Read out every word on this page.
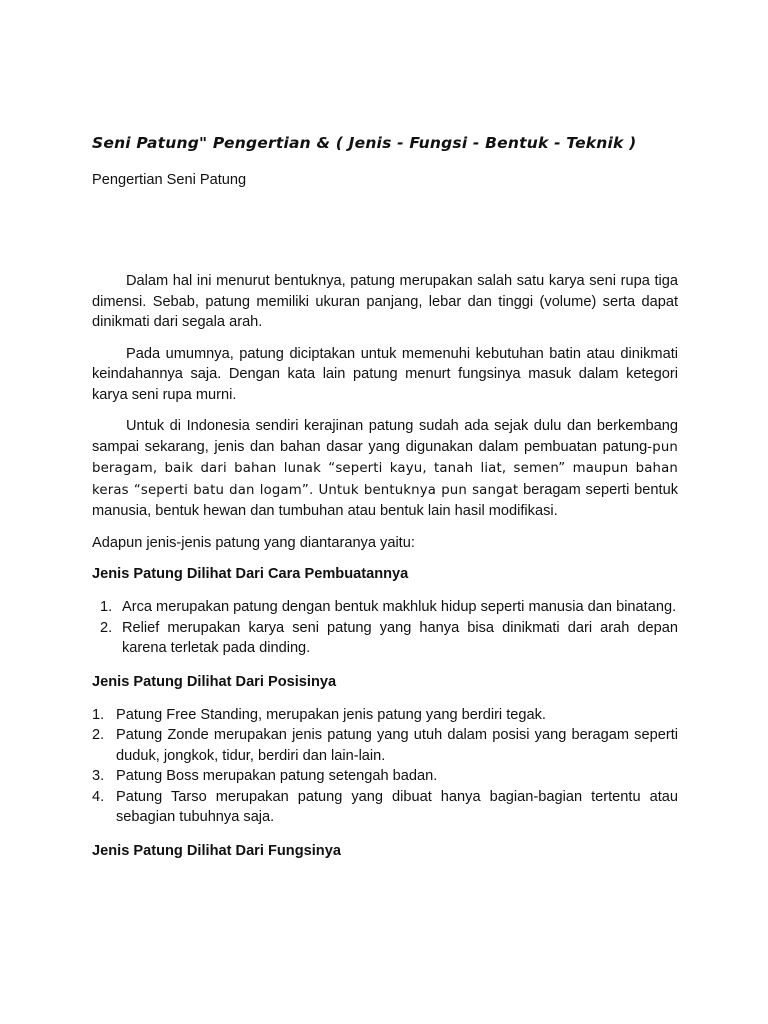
Seni Patung" Pengertian & ( Jenis - Fungsi - Bentuk - Teknik )
Pengertian Seni Patung

Dalam hal ini menurut bentuknya, patung merupakan salah satu karya seni rupa tiga dimensi. Sebab, patung memiliki ukuran panjang, lebar dan tinggi (volume) serta dapat dinikmati dari segala arah.

Pada umumnya, patung diciptakan untuk memenuhi kebutuhan batin atau dinikmati keindahannya saja. Dengan kata lain patung menurt fungsinya masuk dalam ketegori karya seni rupa murni.

Untuk di Indonesia sendiri kerajinan patung sudah ada sejak dulu dan berkembang sampai sekarang, jenis dan bahan dasar yang digunakan dalam pembuatan patung-pun beragam, baik dari bahan lunak “seperti kayu, tanah liat, semen” maupun bahan keras “seperti batu dan logam”. Untuk bentuknya pun sangat beragam seperti bentuk manusia, bentuk hewan dan tumbuhan atau bentuk lain hasil modifikasi.

Adapun jenis-jenis patung yang diantaranya yaitu:

Jenis Patung Dilihat Dari Cara Pembuatannya
1. Arca merupakan patung dengan bentuk makhluk hidup seperti manusia dan binatang.
2. Relief merupakan karya seni patung yang hanya bisa dinikmati dari arah depan karena terletak pada dinding.
Jenis Patung Dilihat Dari Posisinya
1. Patung Free Standing, merupakan jenis patung yang berdiri tegak.
2. Patung Zonde merupakan jenis patung yang utuh dalam posisi yang beragam seperti duduk, jongkok, tidur, berdiri dan lain-lain.
3. Patung Boss merupakan patung setengah badan.
4. Patung Tarso merupakan patung yang dibuat hanya bagian-bagian tertentu atau sebagian tubuhnya saja.
Jenis Patung Dilihat Dari Fungsinya
